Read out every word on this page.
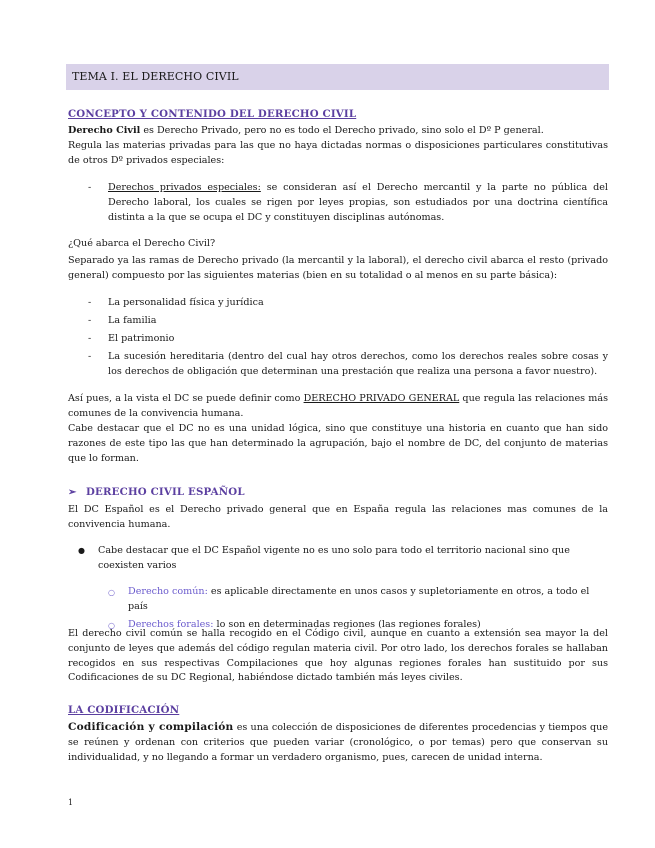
TEMA I. EL DERECHO CIVIL
CONCEPTO Y CONTENIDO DEL DERECHO CIVIL
Derecho Civil es Derecho Privado, pero no es todo el Derecho privado, sino solo el Dº P general.
Regula las materias privadas para las que no haya dictadas normas o disposiciones particulares constitutivas de otros Dº privados especiales:
- Derechos privados especiales: se consideran así el Derecho mercantil y la parte no pública del Derecho laboral, los cuales se rigen por leyes propias, son estudiados por una doctrina científica distinta a la que se ocupa el DC y constituyen disciplinas autónomas.
¿Qué abarca el Derecho Civil?
Separado ya las ramas de Derecho privado (la mercantil y la laboral), el derecho civil abarca el resto (privado general) compuesto por las siguientes materias (bien en su totalidad o al menos en su parte básica):
- La personalidad física y jurídica
- La familia
- El patrimonio
- La sucesión hereditaria (dentro del cual hay otros derechos, como los derechos reales sobre cosas y los derechos de obligación que determinan una prestación que realiza una persona a favor nuestro).
Así pues, a la vista el DC se puede definir como DERECHO PRIVADO GENERAL que regula las relaciones más comunes de la convivencia humana.
Cabe destacar que el DC no es una unidad lógica, sino que constituye una historia en cuanto que han sido razones de este tipo las que han determinado la agrupación, bajo el nombre de DC, del conjunto de materias que lo forman.
➢ DERECHO CIVIL ESPAÑOL
El DC Español es el Derecho privado general que en España regula las relaciones mas comunes de la convivencia humana.
● Cabe destacar que el DC Español vigente no es uno solo para todo el territorio nacional sino que coexisten varios
○ Derecho común: es aplicable directamente en unos casos y supletoriamente en otros, a todo el país
○ Derechos forales: lo son en determinadas regiones (las regiones forales)
El derecho civil común se halla recogido en el Código civil, aunque en cuanto a extensión sea mayor la del conjunto de leyes que además del código regulan materia civil. Por otro lado, los derechos forales se hallaban recogidos en sus respectivas Compilaciones que hoy algunas regiones forales han sustituido por sus Codificaciones de su DC Regional, habiéndose dictado también más leyes civiles.
LA CODIFICACIÓN
Codificación y compilación es una colección de disposiciones de diferentes procedencias y tiempos que se reúnen y ordenan con criterios que pueden variar (cronológico, o por temas) pero que conservan su individualidad, y no llegando a formar un verdadero organismo, pues, carecen de unidad interna.
1
